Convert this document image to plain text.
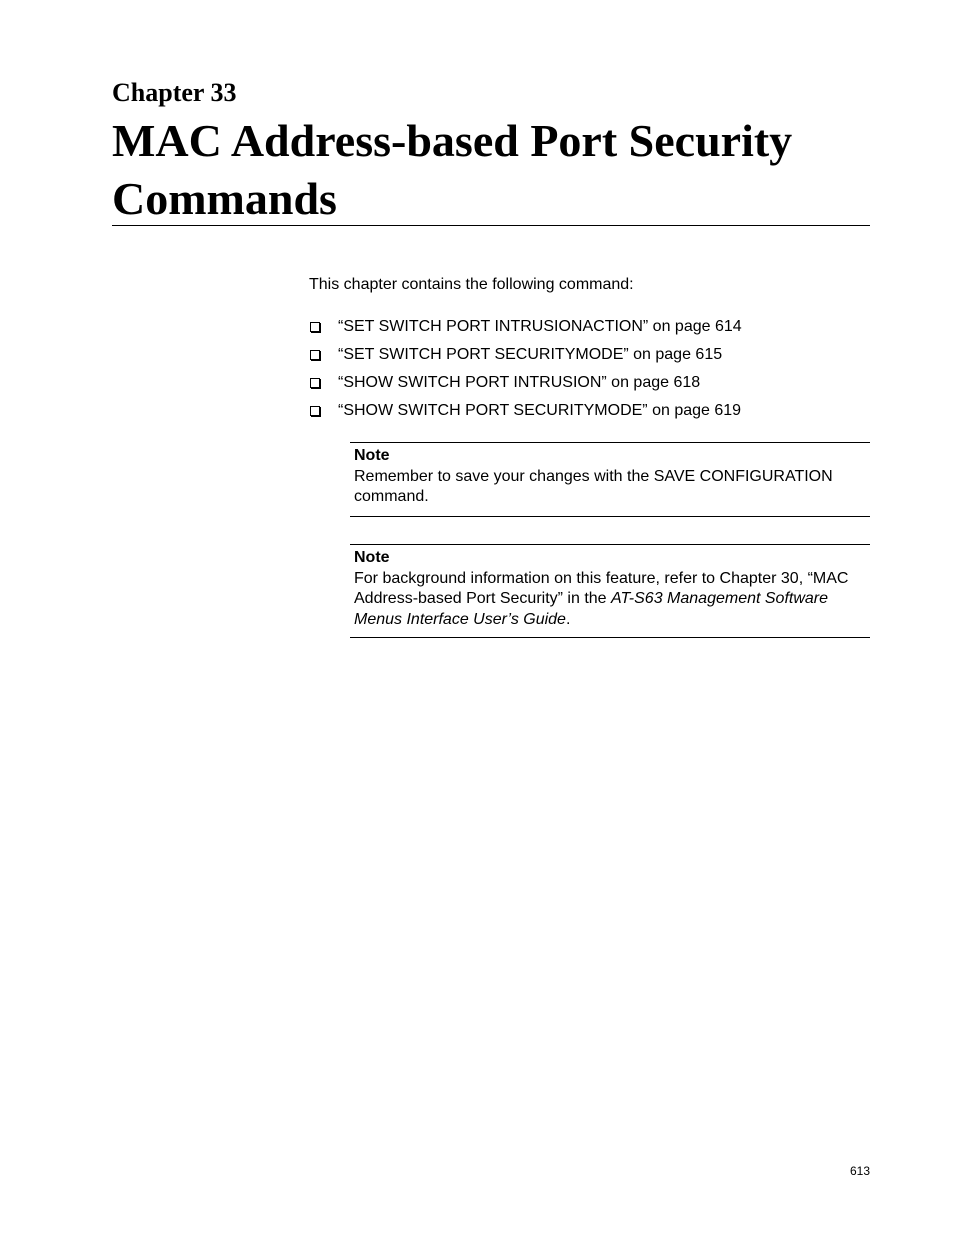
Chapter 33
MAC Address-based Port Security
Commands
This chapter contains the following command:
“SET SWITCH PORT INTRUSIONACTION” on page 614
“SET SWITCH PORT SECURITYMODE” on page 615
“SHOW SWITCH PORT INTRUSION” on page 618
“SHOW SWITCH PORT SECURITYMODE” on page 619
Note
Remember to save your changes with the SAVE CONFIGURATION command.
Note
For background information on this feature, refer to Chapter 30, “MAC Address-based Port Security” in the AT-S63 Management Software Menus Interface User’s Guide.
613
